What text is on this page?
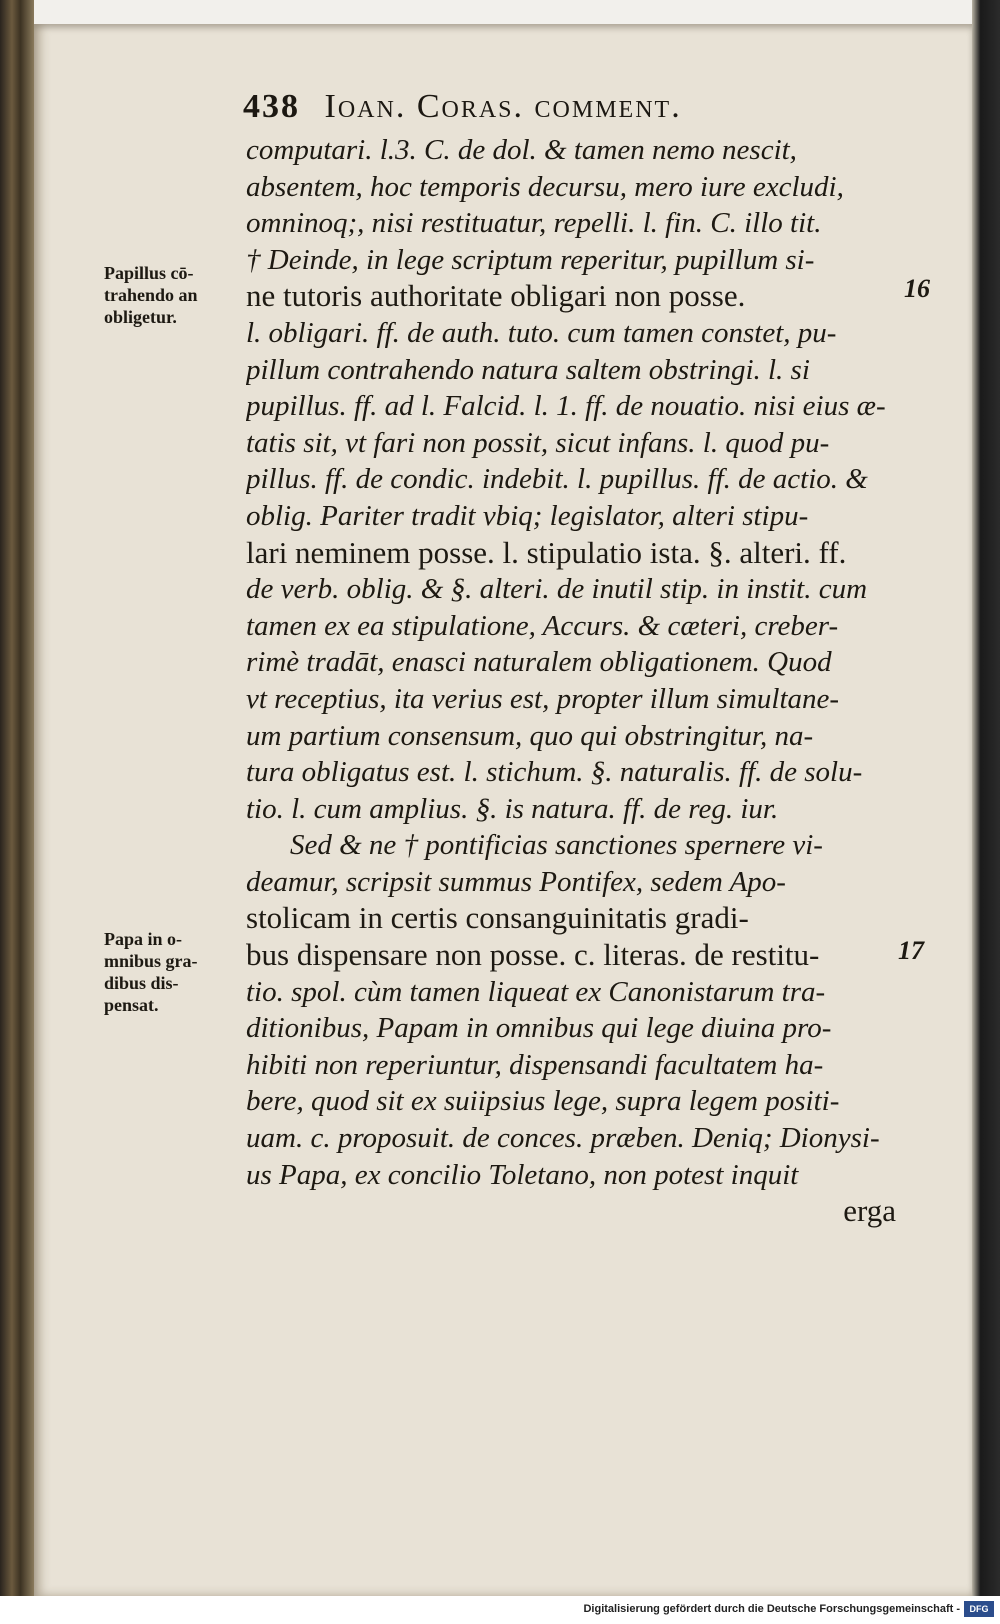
438 Ioan. Coras. comment.
Papillus cō-
trahendo an
obligetur.
Papa in o-
mnibus gra-
dibus dis-
pensat.
16
17
computari. l.3. C. de dol. & tamen nemo nescit,
absentem, hoc temporis decursu, mero iure excludi,
omninoq;, nisi restituatur, repelli. l. fin. C. illo tit.
† Deinde, in lege scriptum reperitur, pupillum si-
ne tutoris authoritate obligari non posse.
l. obligari. ff. de auth. tuto. cum tamen constet, pu-
pillum contrahendo natura saltem obstringi. l. si
pupillus. ff. ad l. Falcid. l. 1. ff. de nouatio. nisi eius æ-
tatis sit, vt fari non possit, sicut infans. l. quod pu-
pillus. ff. de condic. indebit. l. pupillus. ff. de actio. &
oblig. Pariter tradit vbiq; legislator, alteri stipu-
lari neminem posse. l. stipulatio ista. §. alteri. ff.
de verb. oblig. & §. alteri. de inutil stip. in instit. cum
tamen ex ea stipulatione, Accurs. & cæteri, creber-
rimè tradāt, enasci naturalem obligationem. Quod
vt receptius, ita verius est, propter illum simultane-
um partium consensum, quo qui obstringitur, na-
tura obligatus est. l. stichum. §. naturalis. ff. de solu-
tio. l. cum amplius. §. is natura. ff. de reg. iur.
Sed & ne † pontificias sanctiones spernere vi-
deamur, scripsit summus Pontifex, sedem Apo-
stolicam in certis consanguinitatis gradi-
bus dispensare non posse. c. literas. de restitu-
tio. spol. cùm tamen liqueat ex Canonistarum tra-
ditionibus, Papam in omnibus qui lege diuina pro-
hibiti non reperiuntur, dispensandi facultatem ha-
bere, quod sit ex suiipsius lege, supra legem positi-
uam. c. proposuit. de conces. præben. Deniq; Dionysi-
us Papa, ex concilio Toletano, non potest inquit
erga
Digitalisierung gefördert durch die Deutsche Forschungsgemeinschaft -	DFG
